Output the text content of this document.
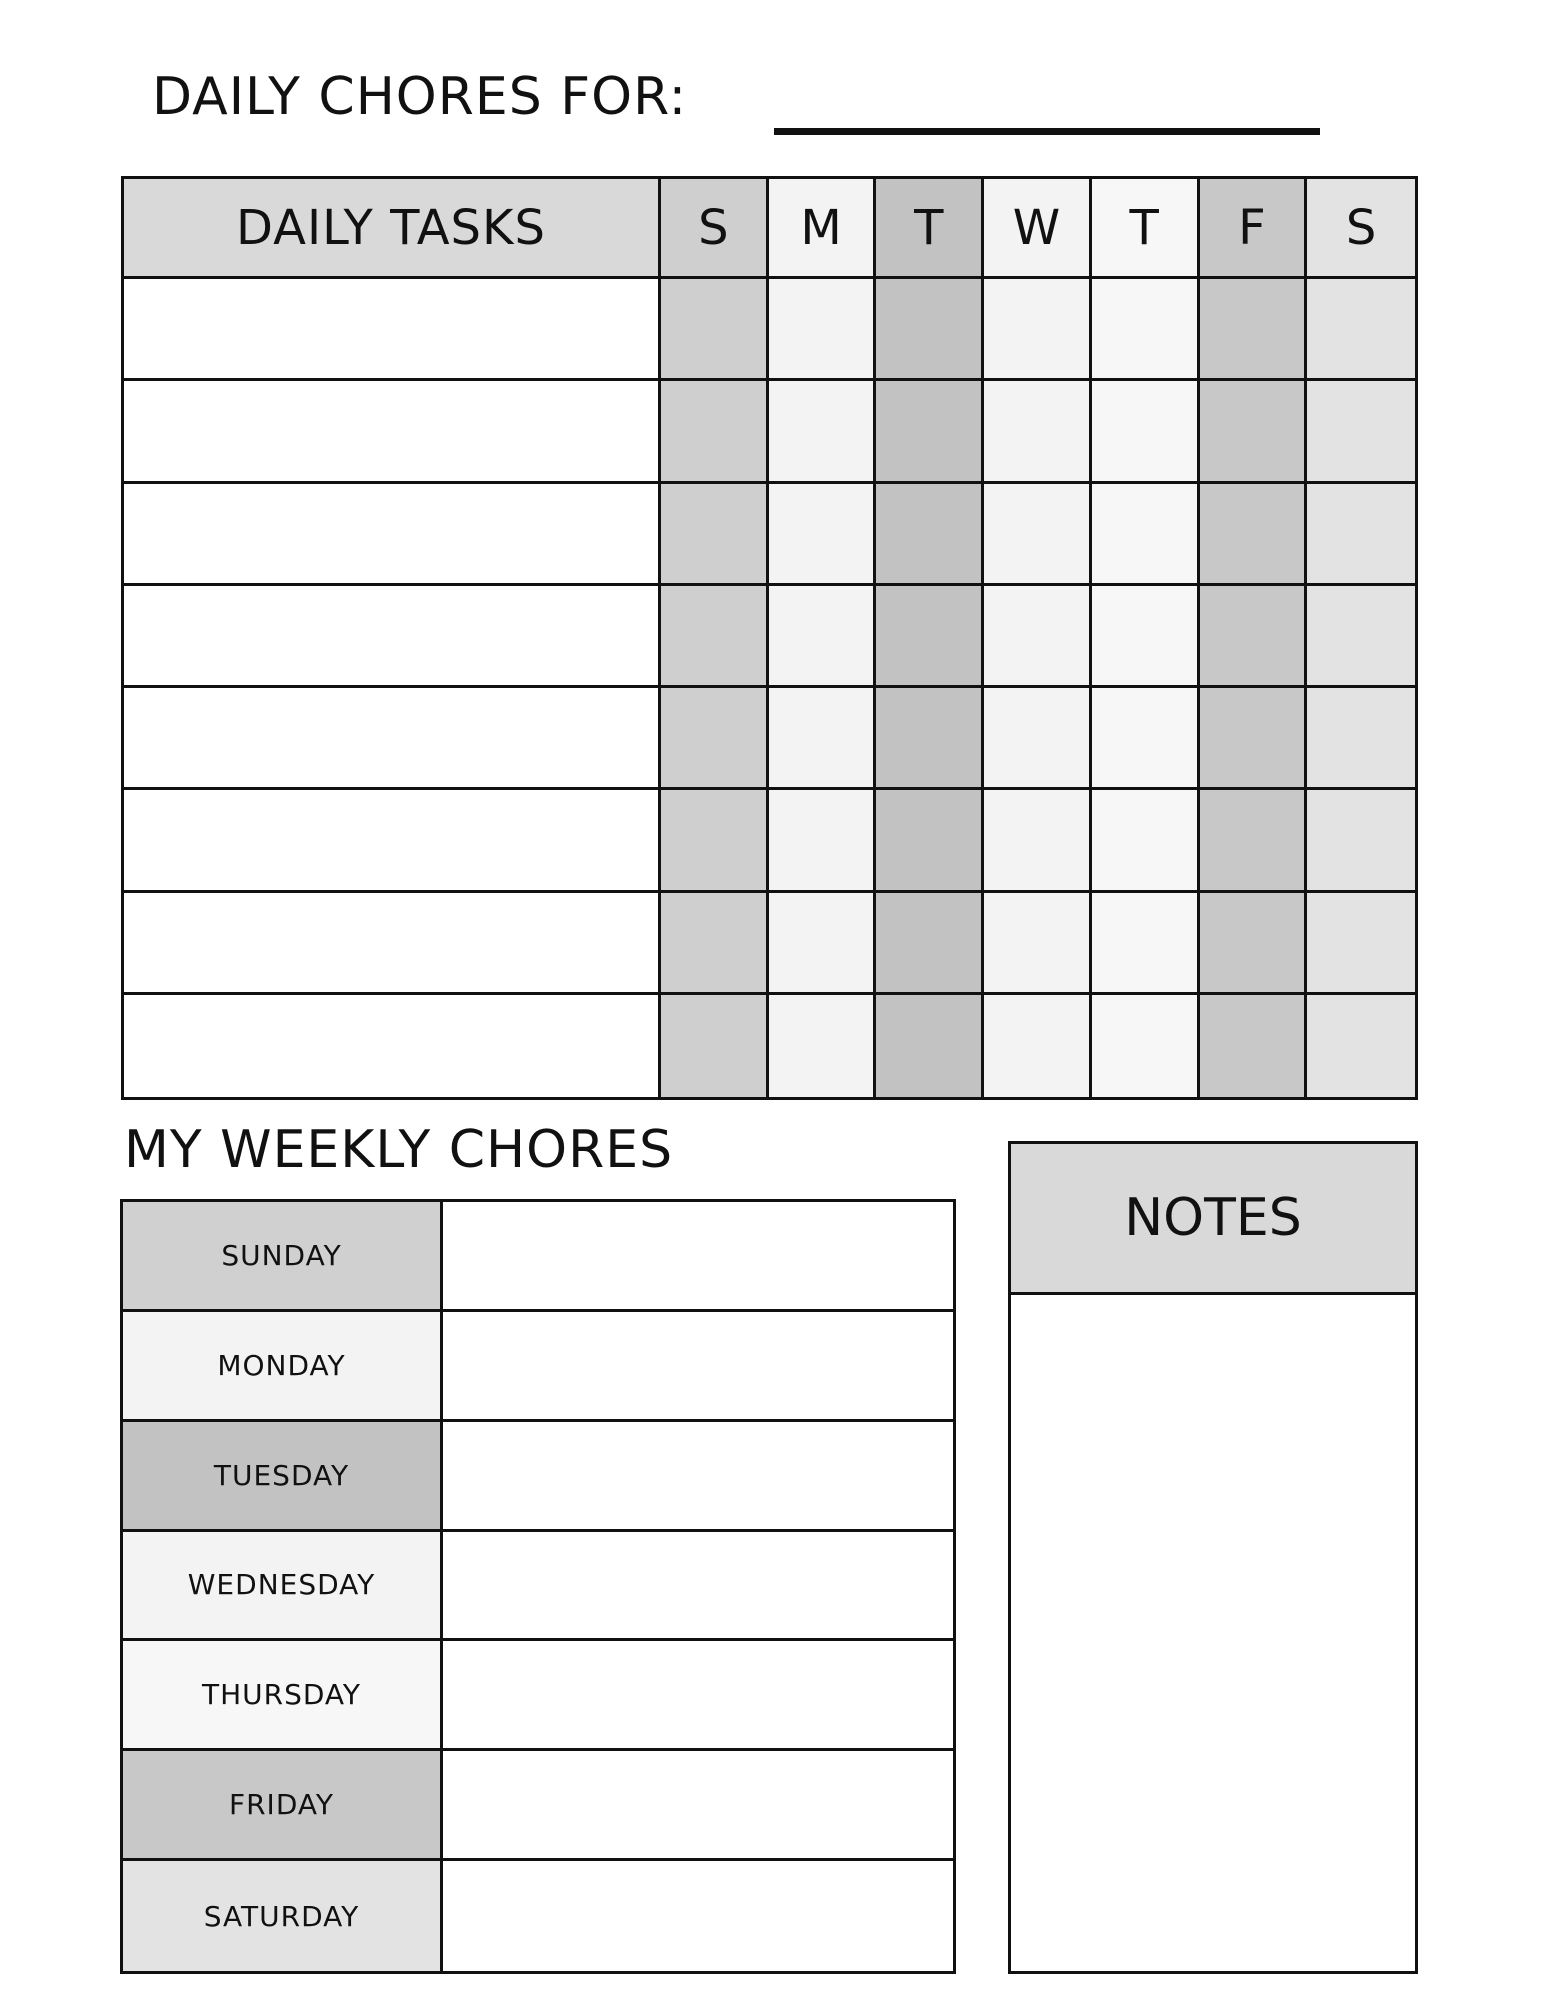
DAILY CHORES FOR:
DAILY TASKS	S	M	T	W	T	F	S
MY WEEKLY CHORES
SUNDAY
MONDAY
TUESDAY
WEDNESDAY
THURSDAY
FRIDAY
SATURDAY
NOTES
